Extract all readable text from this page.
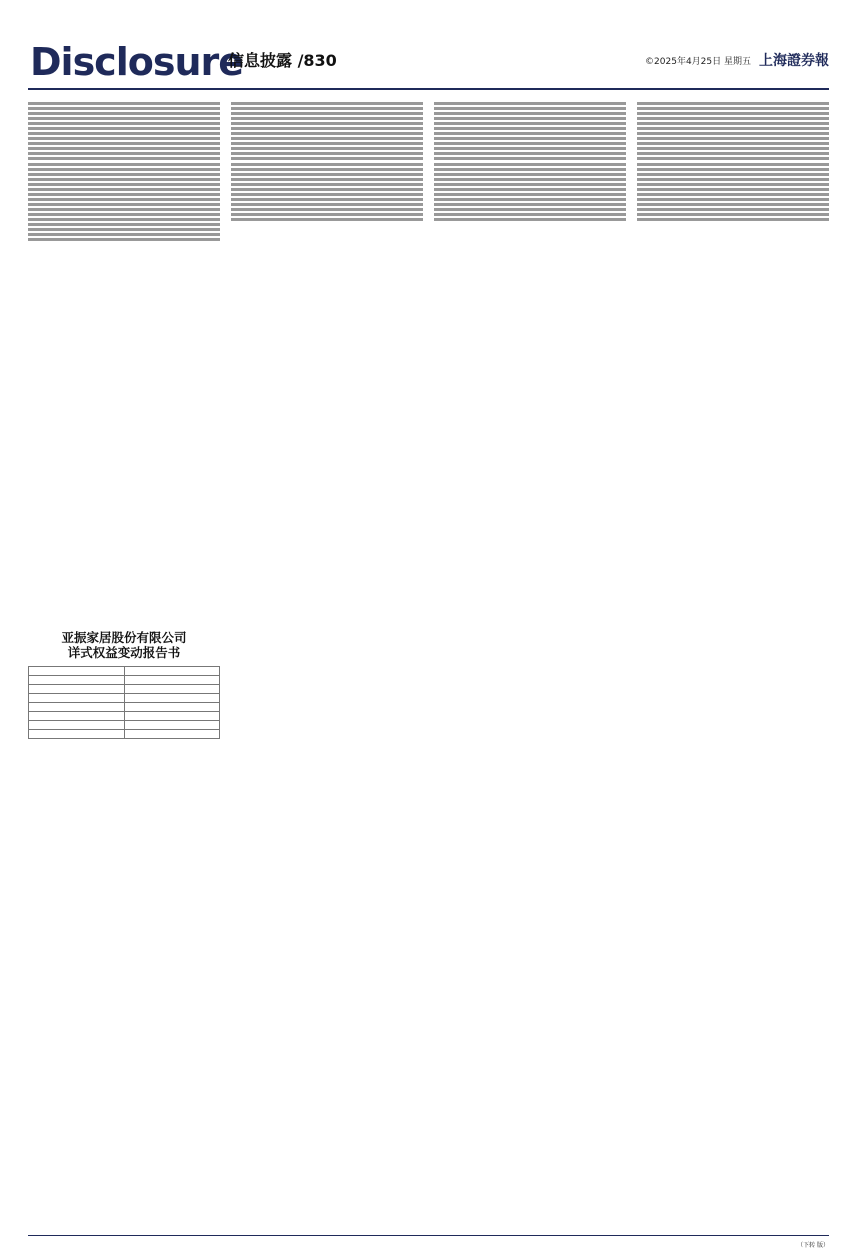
Disclosure
信息披露 /830	©2025年4月25日 星期五 上海證券報
亚振家居股份有限公司
详式权益变动报告书

（下转 版）
